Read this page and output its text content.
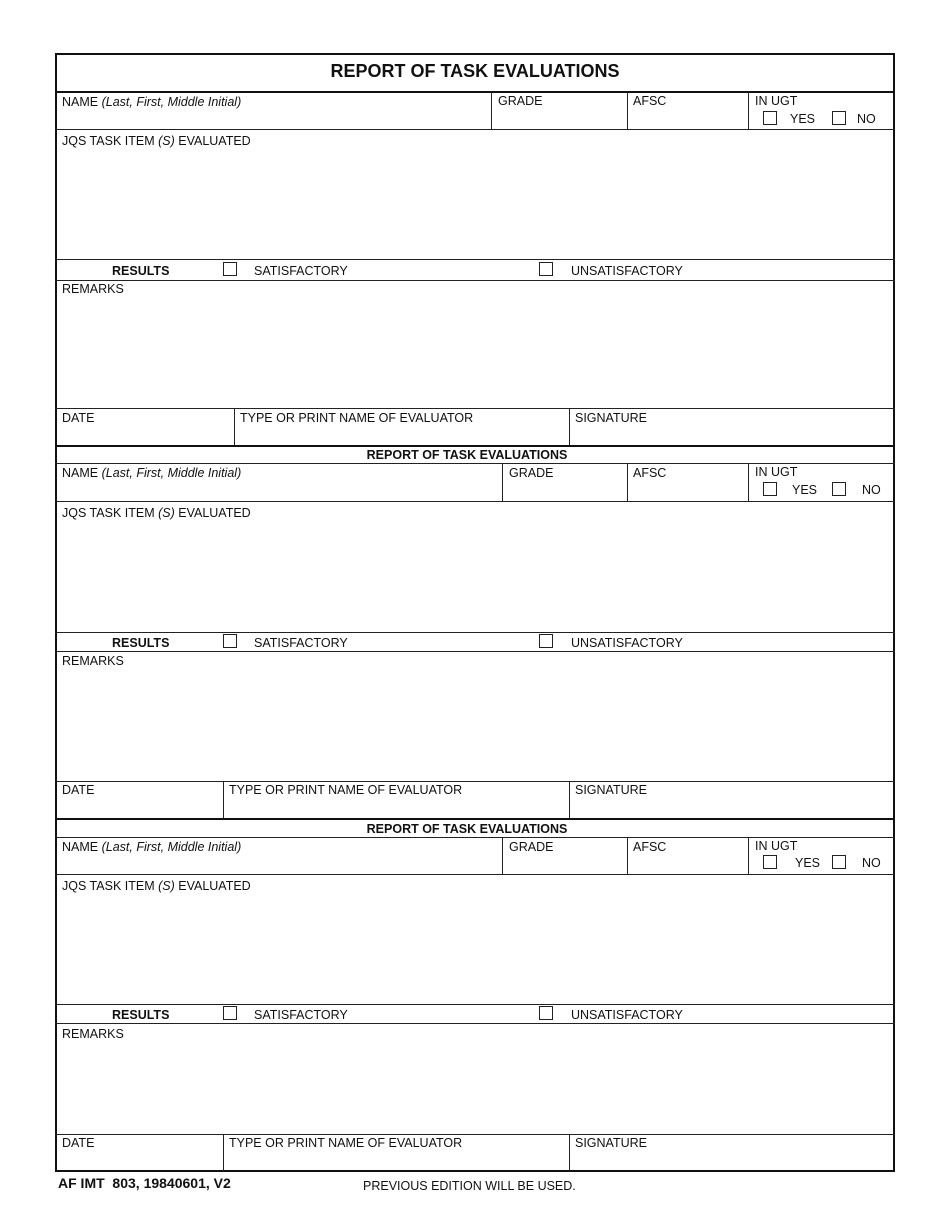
REPORT OF TASK EVALUATIONS
NAME (Last, First, Middle Initial)	GRADE	AFSC	IN UGT
YES	NO
JQS TASK ITEM (S) EVALUATED
RESULTS	SATISFACTORY	UNSATISFACTORY
REMARKS
DATE	TYPE OR PRINT NAME OF EVALUATOR	SIGNATURE
REPORT OF TASK EVALUATIONS
NAME (Last, First, Middle Initial)	GRADE	AFSC	IN UGT
YES	NO
JQS TASK ITEM (S) EVALUATED
RESULTS	SATISFACTORY	UNSATISFACTORY
REMARKS
DATE	TYPE OR PRINT NAME OF EVALUATOR	SIGNATURE
REPORT OF TASK EVALUATIONS
NAME (Last, First, Middle Initial)	GRADE	AFSC	IN UGT
YES	NO
JQS TASK ITEM (S) EVALUATED
RESULTS	SATISFACTORY	UNSATISFACTORY
REMARKS
DATE	TYPE OR PRINT NAME OF EVALUATOR	SIGNATURE
AF IMT  803, 19840601, V2	PREVIOUS EDITION WILL BE USED.
